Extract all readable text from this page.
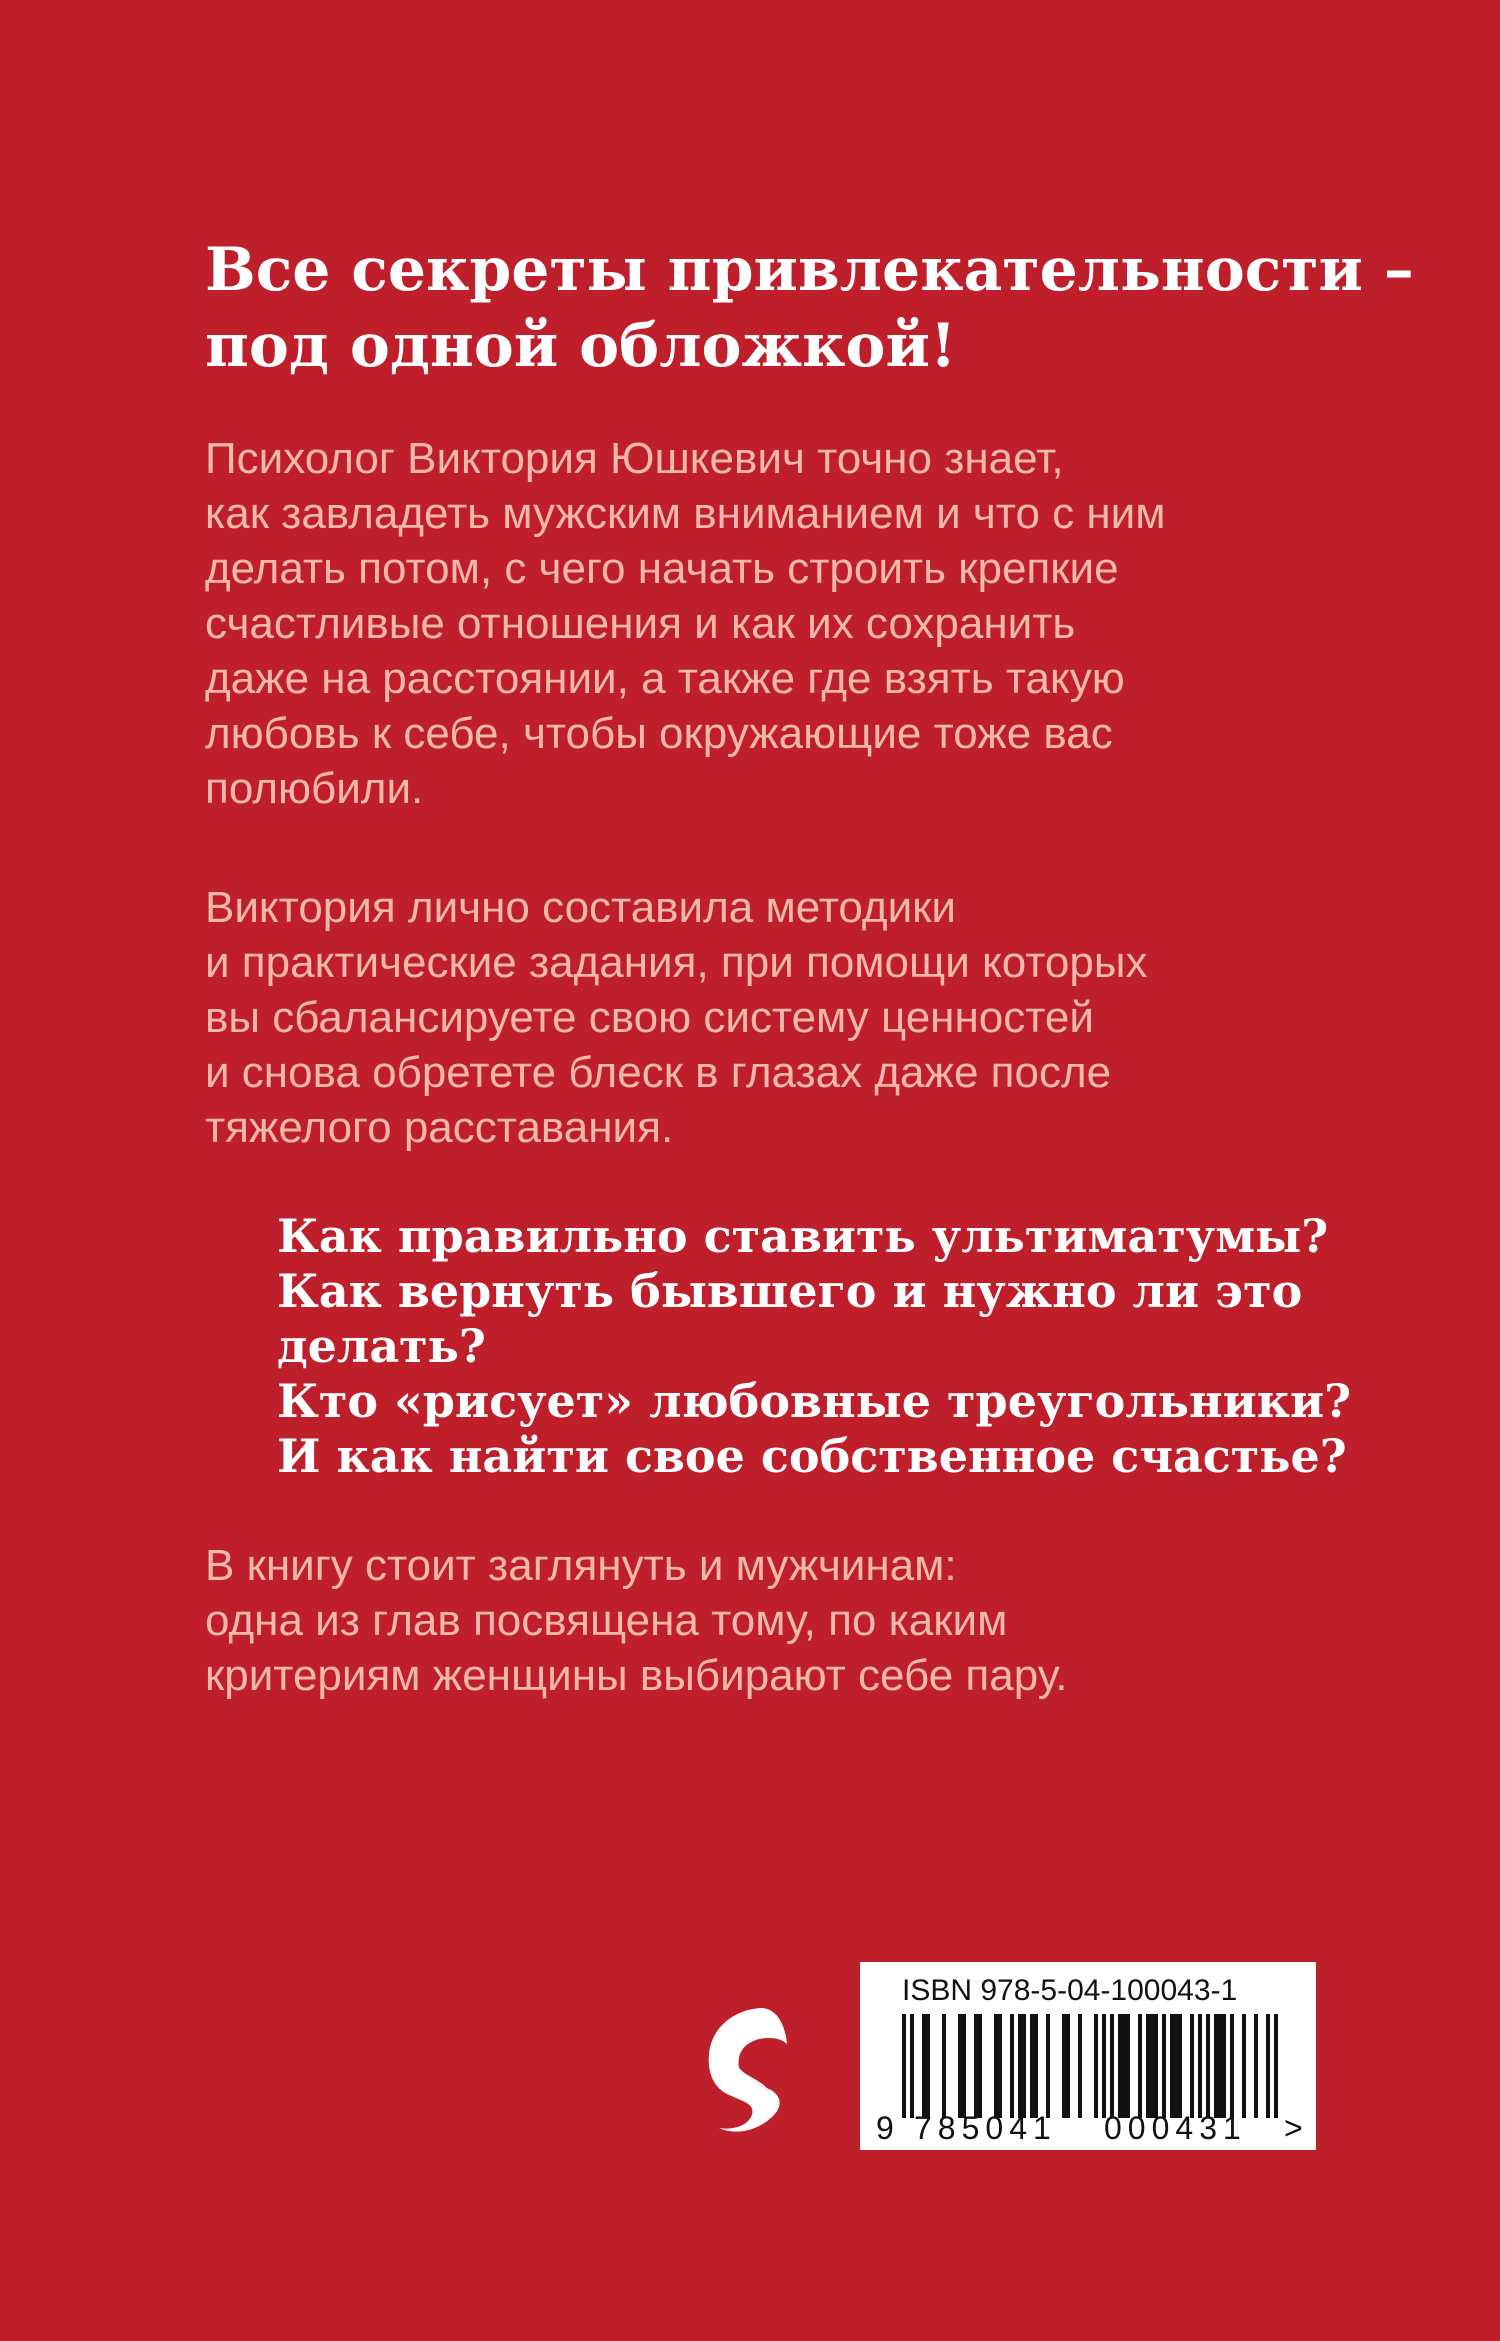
Все секреты привлекательности –
под одной обложкой!

Психолог Виктория Юшкевич точно знает,
как завладеть мужским вниманием и что с ним
делать потом, с чего начать строить крепкие
счастливые отношения и как их сохранить
даже на расстоянии, а также где взять такую
любовь к себе, чтобы окружающие тоже вас
полюбили.

Виктория лично составила методики
и практические задания, при помощи которых
вы сбалансируете свою систему ценностей
и снова обретете блеск в глазах даже после
тяжелого расставания.

Как правильно ставить ультиматумы?
Как вернуть бывшего и нужно ли это
делать?
Кто «рисует» любовные треугольники?
И как найти свое собственное счастье?

В книгу стоит заглянуть и мужчинам:
одна из глав посвящена тому, по каким
критериям женщины выбирают себе пару.

ISBN 978-5-04-100043-1
9 785041 000431 >
